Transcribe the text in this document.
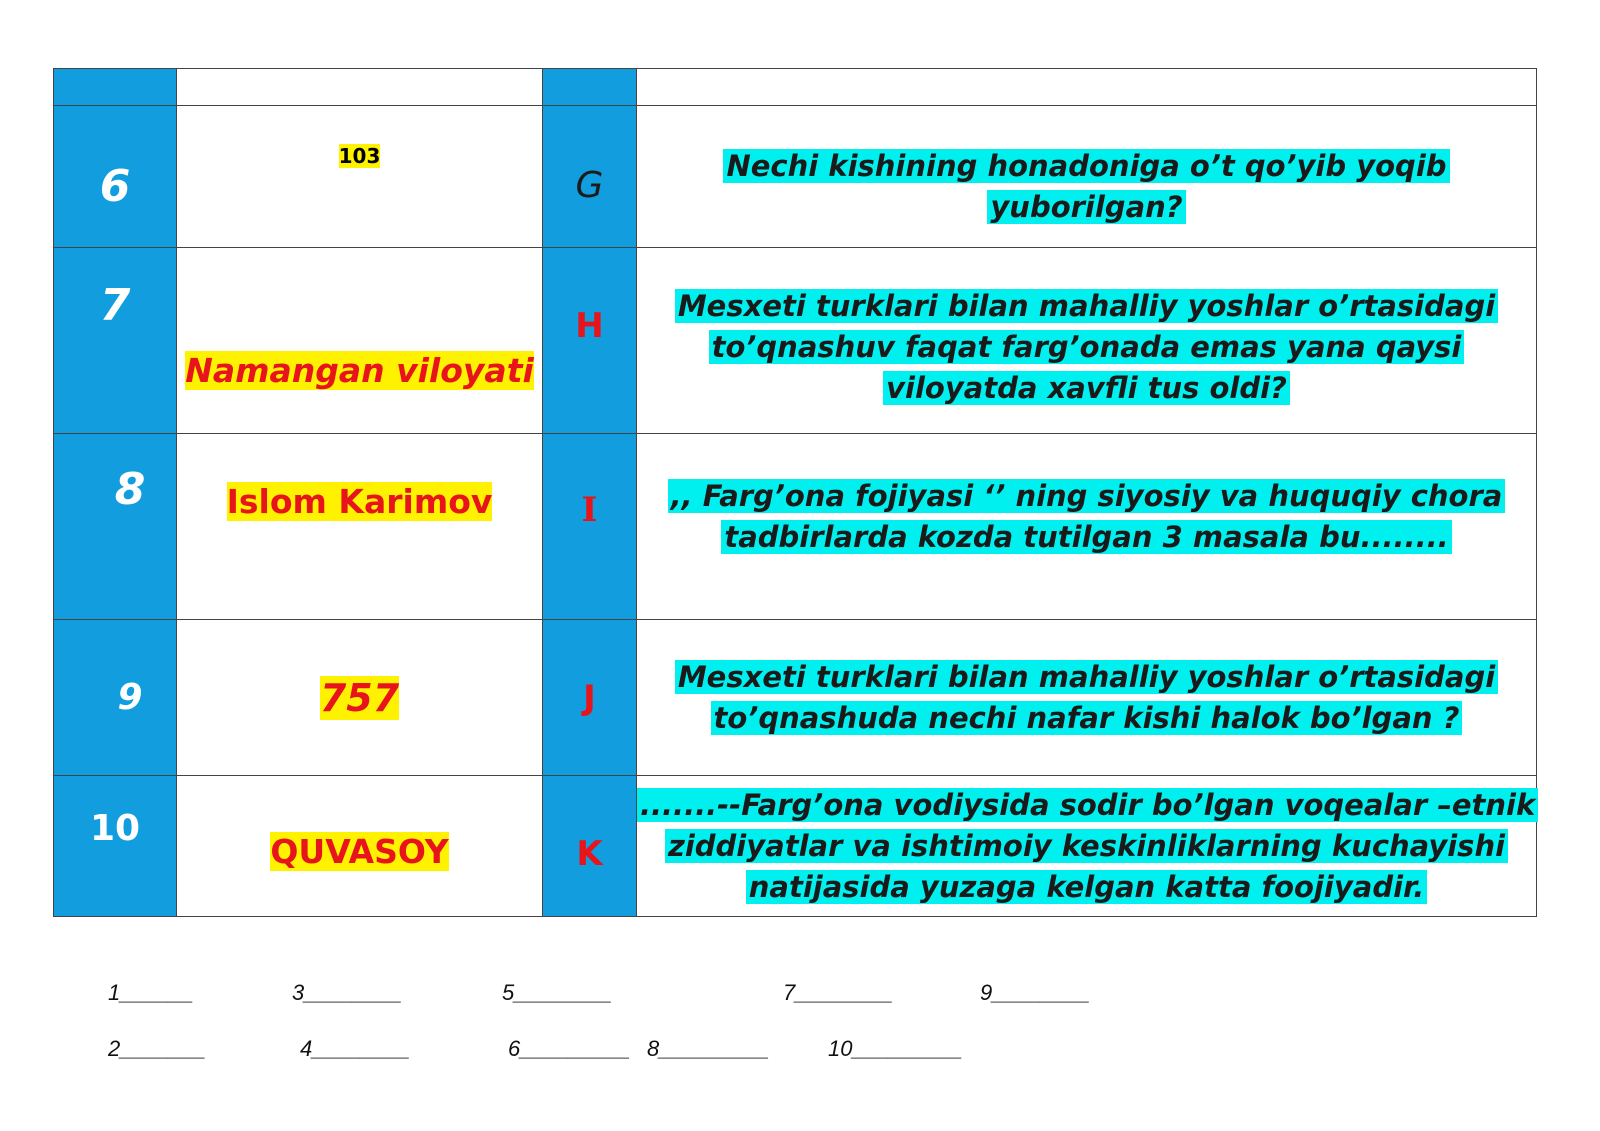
6	103	G	Nechi kishining honadoniga o’t qo’yib yoqib yuborilgan?
7	Namangan viloyati	H	Mesxeti turklari bilan mahalliy yoshlar o’rtasidagi to’qnashuv faqat farg’onada emas yana qaysi viloyatda xavfli tus oldi?
8	Islom Karimov	I	,, Farg’ona fojiyasi ‘’ ning siyosiy va huquqiy chora tadbirlarda kozda tutilgan 3 masala bu........
9	757	J	Mesxeti turklari bilan mahalliy yoshlar o’rtasidagi to’qnashuda nechi nafar kishi halok bo’lgan ?
10	QUVASOY	K	.......--Farg’ona vodiysida sodir bo’lgan voqealar –etnik ziddiyatlar va ishtimoiy keskinliklarning kuchayishi natijasida yuzaga kelgan katta foojiyadir.
1______	3________	5________	7________	9________
2_______	4________	6_________ 8_________	10_________
